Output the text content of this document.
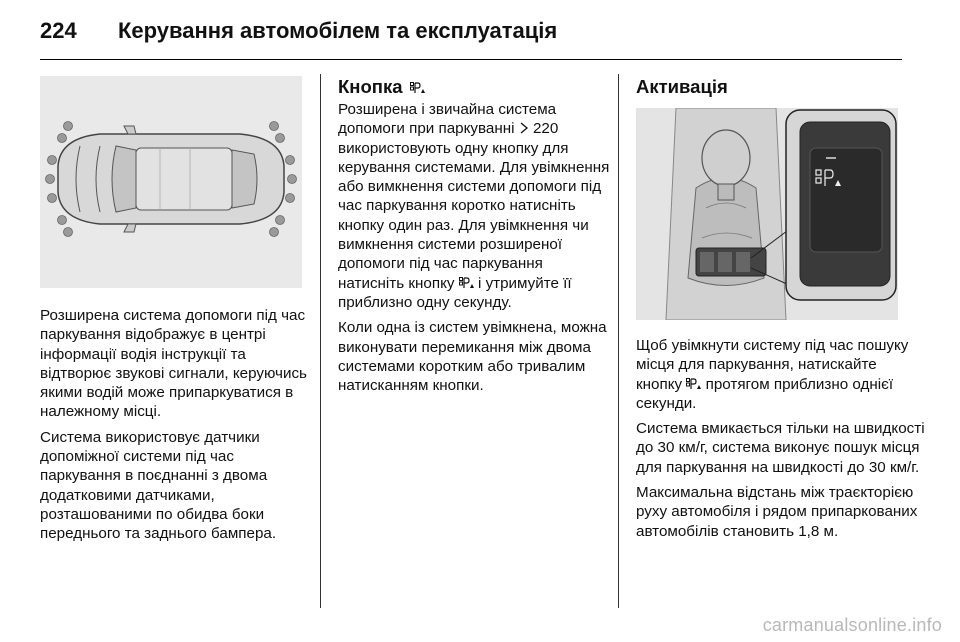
224 Керування автомобілем та експлуатація

Розширена система допомоги під час паркування відображує в центрі інформації водія інструкції та відтворює звукові сигнали, керуючись якими водій може припаркуватися в належному місці.

Система використовує датчики допоміжної системи під час паркування в поєднанні з двома додатковими датчиками, розташованими по обидва боки переднього та заднього бампера.

Кнопка

Розширена і звичайна система допомоги при паркуванні 220 використовують одну кнопку для керування системами. Для увімкнення або вимкнення системи допомоги під час паркування коротко натисніть кнопку один раз. Для увімкнення чи вимкнення системи розширеної допомоги під час паркування натисніть кнопку і утримуйте її приблизно одну секунду.

Коли одна із систем увімкнена, можна виконувати перемикання між двома системами коротким або тривалим натисканням кнопки.

Активація

Щоб увімкнути систему під час пошуку місця для паркування, натискайте кнопку протягом приблизно однієї секунди.

Система вмикається тільки на швидкості до 30 км/г, система виконує пошук місця для паркування на швидкості до 30 км/г.

Максимальна відстань між траєкторією руху автомобіля і рядом припаркованих автомобілів становить 1,8 м.

carmanualsonline.info
